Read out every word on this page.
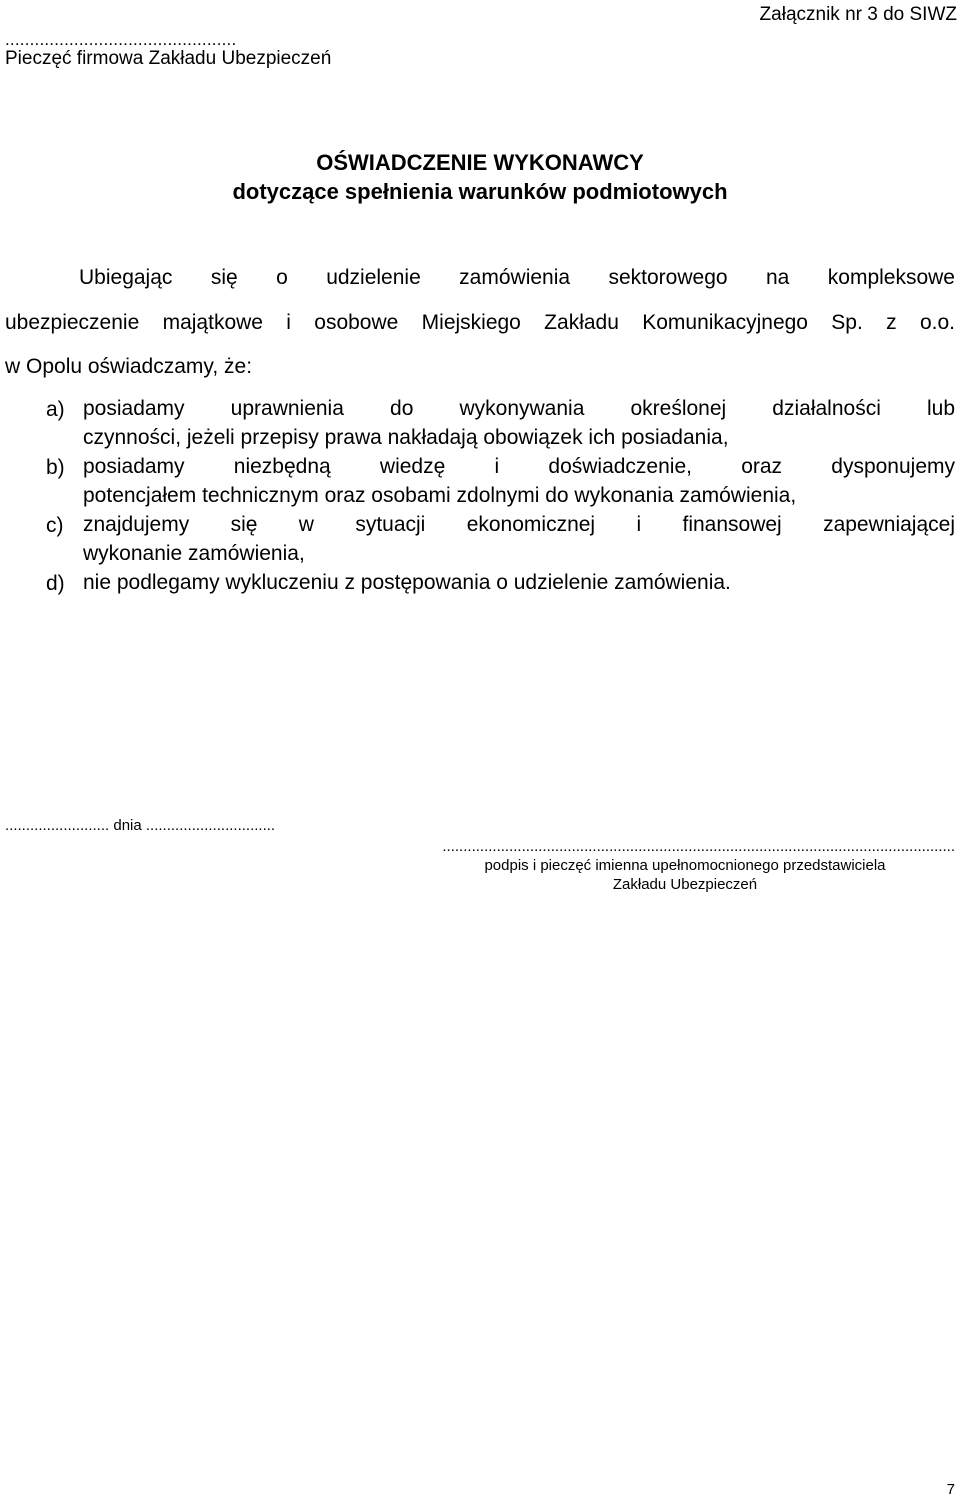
...............................................
Pieczęć firmowa Zakładu Ubezpieczeń
Załącznik nr 3 do SIWZ
OŚWIADCZENIE WYKONAWCY
dotyczące spełnienia warunków podmiotowych
Ubiegając się o udzielenie zamówienia sektorowego na kompleksowe
ubezpieczenie majątkowe i osobowe Miejskiego Zakładu Komunikacyjnego Sp. z o.o.
w Opolu oświadczamy, że:
a) posiadamy uprawnienia do wykonywania określonej działalności lub
czynności, jeżeli przepisy prawa nakładają obowiązek ich posiadania,
b) posiadamy niezbędną wiedzę i doświadczenie, oraz dysponujemy
potencjałem technicznym oraz osobami zdolnymi do wykonania zamówienia,
c) znajdujemy się w sytuacji ekonomicznej i finansowej zapewniającej
wykonanie zamówienia,
d) nie podlegamy wykluczeniu z postępowania o udzielenie zamówienia.
......................... dnia ...............................
...........................................................................................................................
podpis i pieczęć imienna upełnomocnionego przedstawiciela
Zakładu Ubezpieczeń
7
